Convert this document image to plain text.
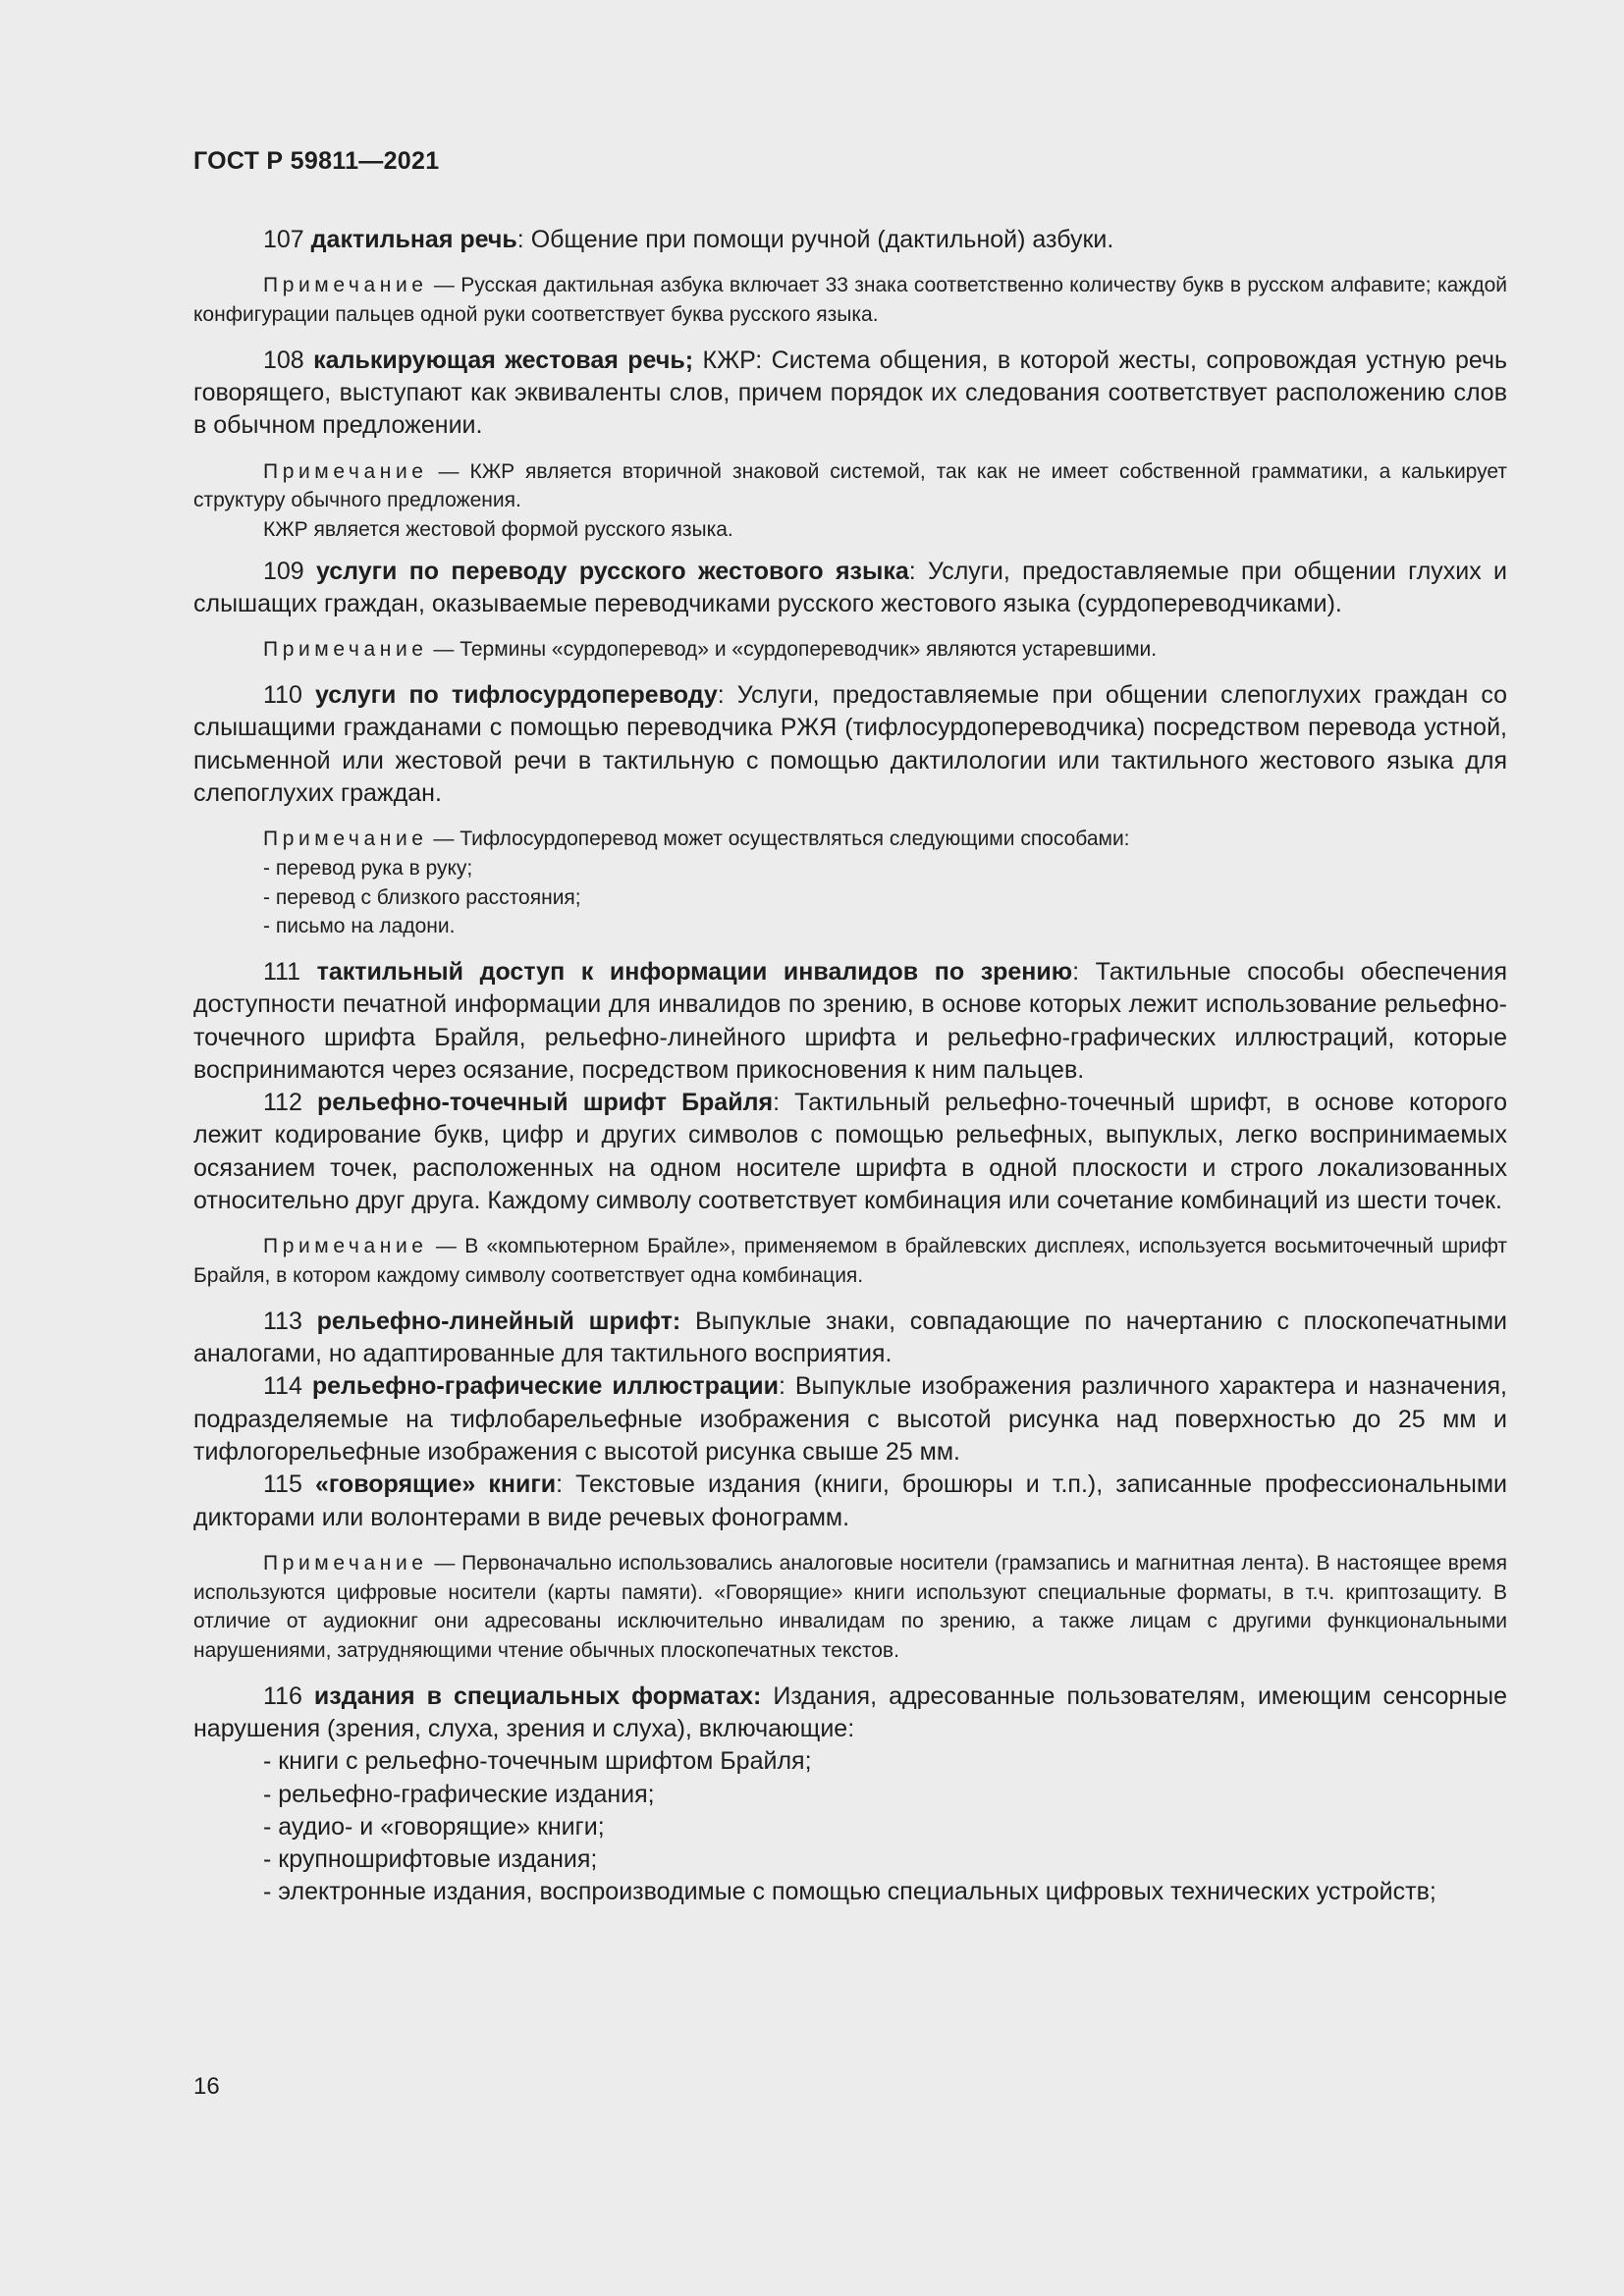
ГОСТ Р 59811—2021

107 дактильная речь: Общение при помощи ручной (дактильной) азбуки.

Примечание — Русская дактильная азбука включает 33 знака соответственно количеству букв в русском алфавите; каждой конфигурации пальцев одной руки соответствует буква русского языка.

108 калькирующая жестовая речь; КЖР: Система общения, в которой жесты, сопровождая устную речь говорящего, выступают как эквиваленты слов, причем порядок их следования соответствует расположению слов в обычном предложении.

Примечание — КЖР является вторичной знаковой системой, так как не имеет собственной грамматики, а калькирует структуру обычного предложения.

КЖР является жестовой формой русского языка.

109 услуги по переводу русского жестового языка: Услуги, предоставляемые при общении глухих и слышащих граждан, оказываемые переводчиками русского жестового языка (сурдопереводчиками).

Примечание — Термины «сурдоперевод» и «сурдопереводчик» являются устаревшими.

110 услуги по тифлосурдопереводу: Услуги, предоставляемые при общении слепоглухих граждан со слышащими гражданами с помощью переводчика РЖЯ (тифлосурдопереводчика) посредством перевода устной, письменной или жестовой речи в тактильную с помощью дактилологии или тактильного жестового языка для слепоглухих граждан.

Примечание — Тифлосурдоперевод может осуществляться следующими способами:

- перевод рука в руку;

- перевод с близкого расстояния;

- письмо на ладони.

111 тактильный доступ к информации инвалидов по зрению: Тактильные способы обеспечения доступности печатной информации для инвалидов по зрению, в основе которых лежит использование рельефно-точечного шрифта Брайля, рельефно-линейного шрифта и рельефно-графических иллюстраций, которые воспринимаются через осязание, посредством прикосновения к ним пальцев.

112 рельефно-точечный шрифт Брайля: Тактильный рельефно-точечный шрифт, в основе которого лежит кодирование букв, цифр и других символов с помощью рельефных, выпуклых, легко воспринимаемых осязанием точек, расположенных на одном носителе шрифта в одной плоскости и строго локализованных относительно друг друга. Каждому символу соответствует комбинация или сочетание комбинаций из шести точек.

Примечание — В «компьютерном Брайле», применяемом в брайлевских дисплеях, используется восьмиточечный шрифт Брайля, в котором каждому символу соответствует одна комбинация.

113 рельефно-линейный шрифт: Выпуклые знаки, совпадающие по начертанию с плоскопечатными аналогами, но адаптированные для тактильного восприятия.

114 рельефно-графические иллюстрации: Выпуклые изображения различного характера и назначения, подразделяемые на тифлобарельефные изображения с высотой рисунка над поверхностью до 25 мм и тифлогорельефные изображения с высотой рисунка свыше 25 мм.

115 «говорящие» книги: Текстовые издания (книги, брошюры и т.п.), записанные профессиональными дикторами или волонтерами в виде речевых фонограмм.

Примечание — Первоначально использовались аналоговые носители (грамзапись и магнитная лента). В настоящее время используются цифровые носители (карты памяти). «Говорящие» книги используют специальные форматы, в т.ч. криптозащиту. В отличие от аудиокниг они адресованы исключительно инвалидам по зрению, а также лицам с другими функциональными нарушениями, затрудняющими чтение обычных плоскопечатных текстов.

116 издания в специальных форматах: Издания, адресованные пользователям, имеющим сенсорные нарушения (зрения, слуха, зрения и слуха), включающие:

- книги с рельефно-точечным шрифтом Брайля;

- рельефно-графические издания;

- аудио- и «говорящие» книги;

- крупношрифтовые издания;

- электронные издания, воспроизводимые с помощью специальных цифровых технических устройств;

16
